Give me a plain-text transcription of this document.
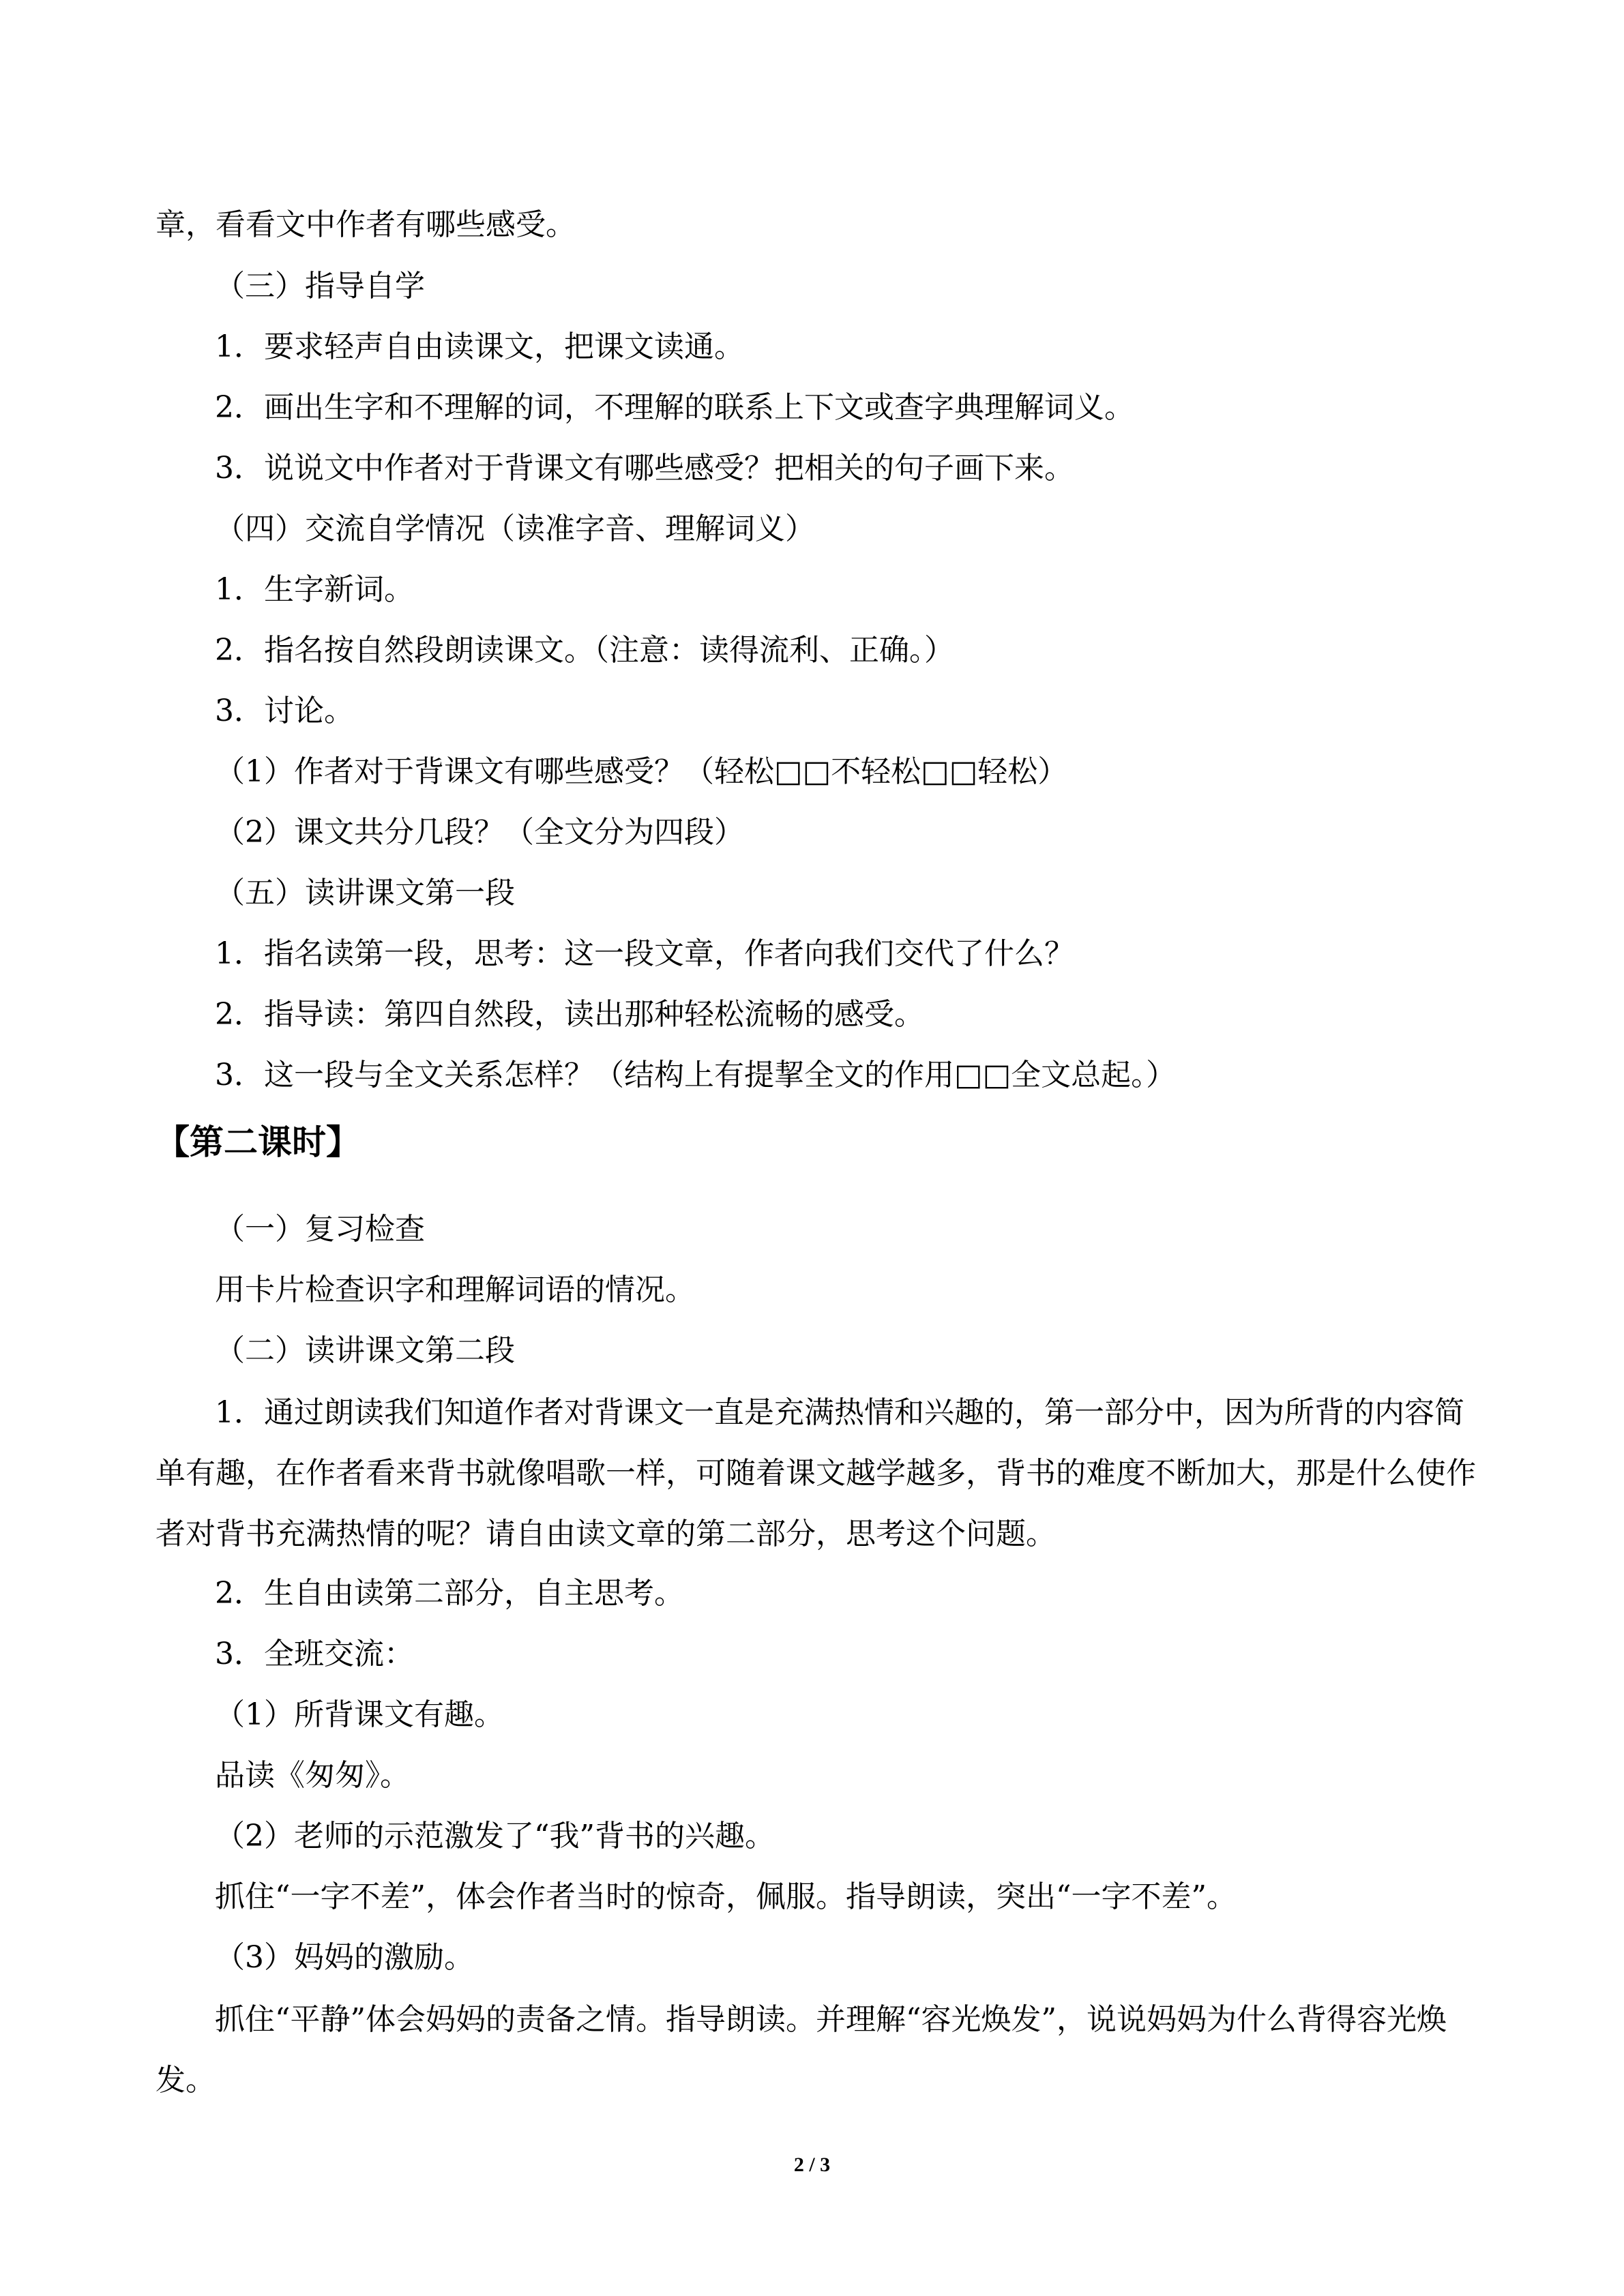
章，看看文中作者有哪些感受。
（三）指导自学
1．要求轻声自由读课文，把课文读通。
2．画出生字和不理解的词，不理解的联系上下文或查字典理解词义。
3．说说文中作者对于背课文有哪些感受？把相关的句子画下来。
（四）交流自学情况（读准字音、理解词义）
1．生字新词。
2．指名按自然段朗读课文。（注意：读得流利、正确。）
3．讨论。
（1）作者对于背课文有哪些感受？（轻松□□不轻松□□轻松）
（2）课文共分几段？（全文分为四段）
（五）读讲课文第一段
1．指名读第一段，思考：这一段文章，作者向我们交代了什么？
2．指导读：第四自然段，读出那种轻松流畅的感受。
3．这一段与全文关系怎样？（结构上有提挈全文的作用□□全文总起。）
【第二课时】
（一）复习检查
用卡片检查识字和理解词语的情况。
（二）读讲课文第二段
1．通过朗读我们知道作者对背课文一直是充满热情和兴趣的，第一部分中，因为所背的内容简单有趣，在作者看来背书就像唱歌一样，可随着课文越学越多，背书的难度不断加大，那是什么使作者对背书充满热情的呢？请自由读文章的第二部分，思考这个问题。
2．生自由读第二部分，自主思考。
3．全班交流：
（1）所背课文有趣。
品读《匆匆》。
（2）老师的示范激发了“我”背书的兴趣。
抓住“一字不差”，体会作者当时的惊奇，佩服。指导朗读，突出“一字不差”。
（3）妈妈的激励。
抓住“平静”体会妈妈的责备之情。指导朗读。并理解“容光焕发”，说说妈妈为什么背得容光焕发。
2 / 3
